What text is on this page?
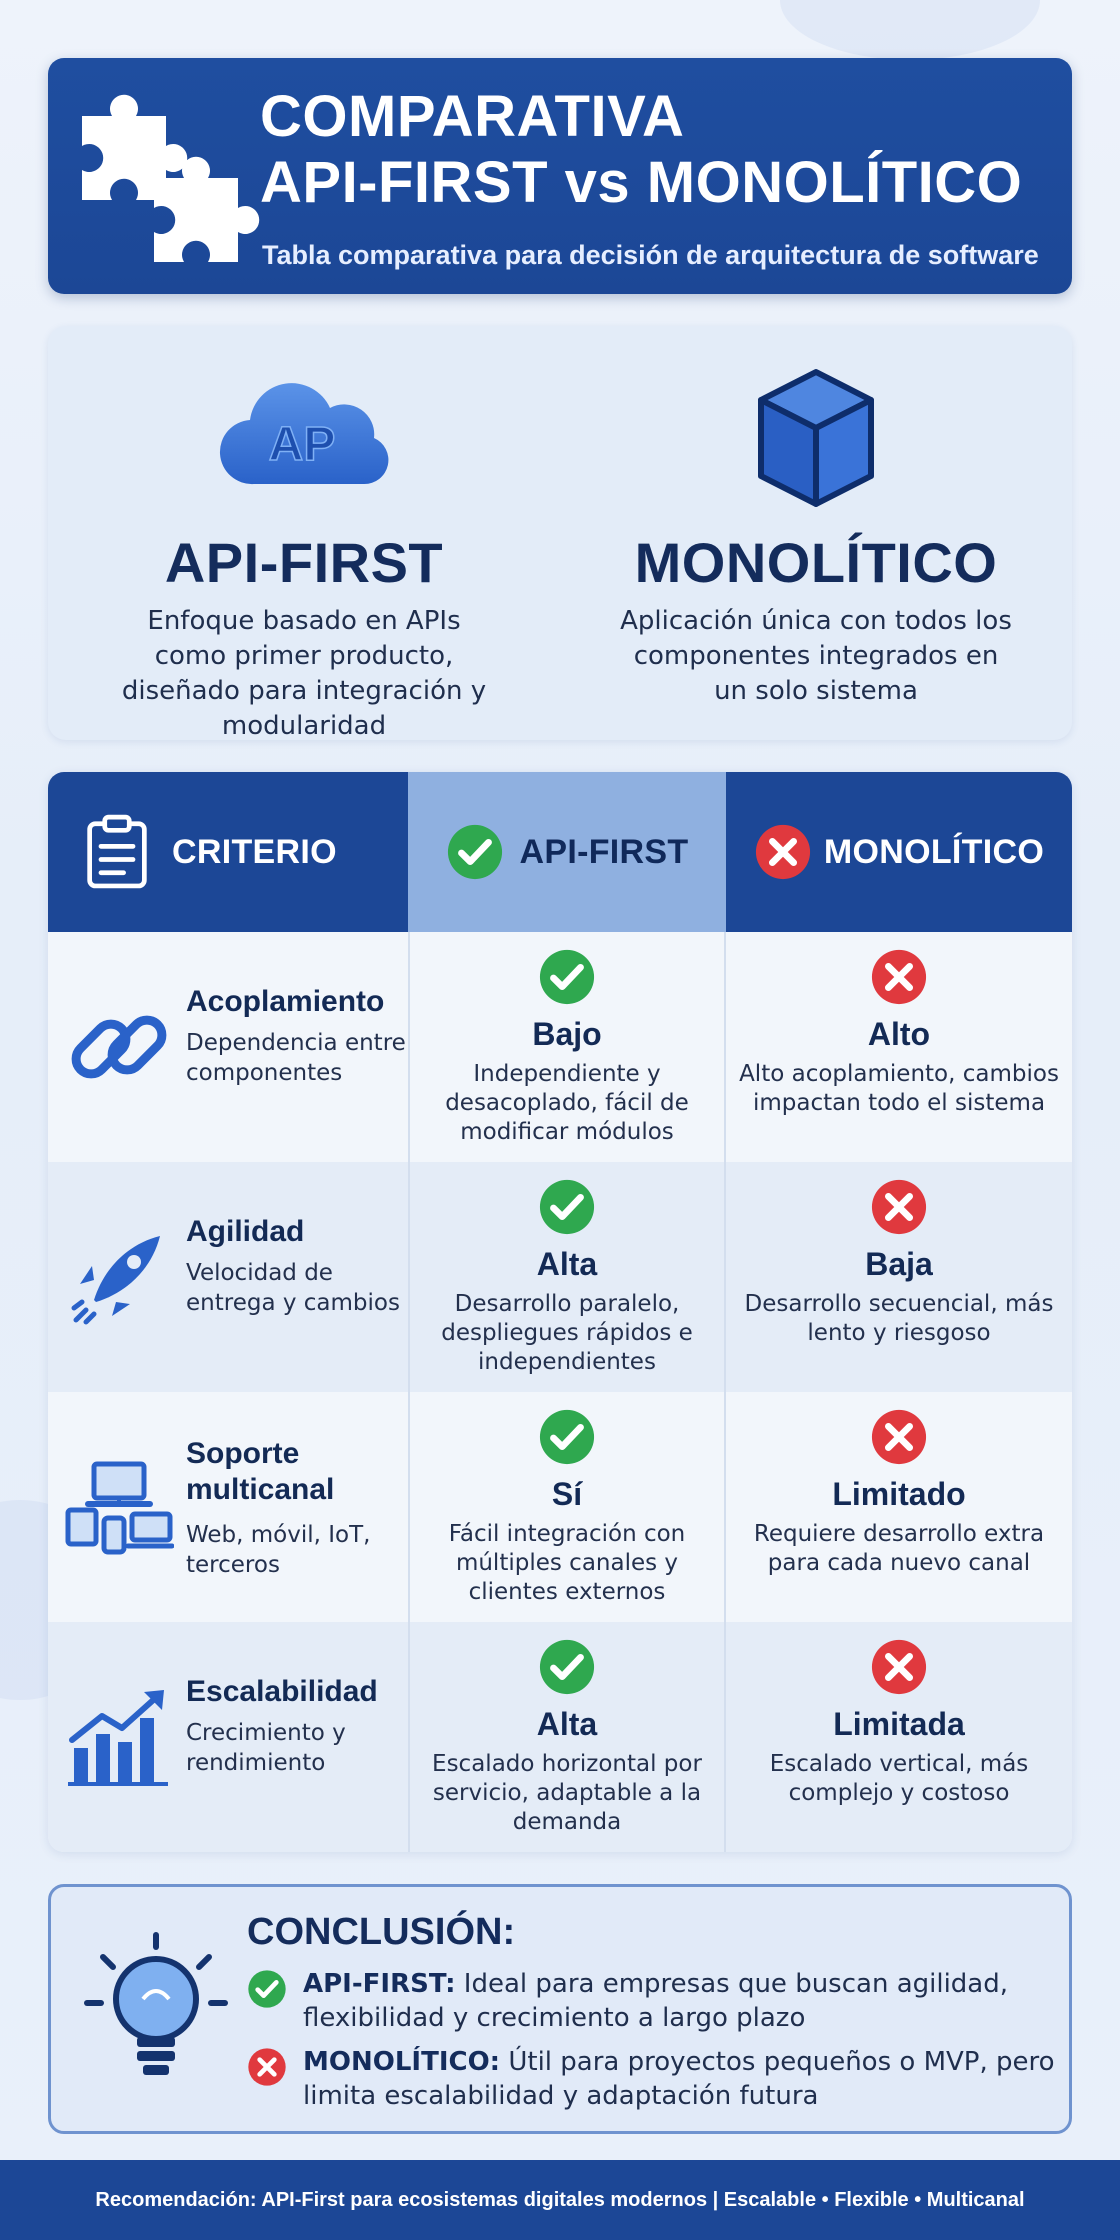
COMPARATIVA
API-FIRST vs MONOLÍTICO
Tabla comparativa para decisión de arquitectura de software
AP
API-FIRST
Enfoque basado en APIs como primer producto, diseñado para integración y modularidad
MONOLÍTICO
Aplicación única con todos los componentes integrados en un solo sistema
CRITERIO	API-FIRST	MONOLÍTICO
Acoplamiento
Dependencia entre componentes
Bajo
Independiente y desacoplado, fácil de modificar módulos
Alto
Alto acoplamiento, cambios impactan todo el sistema
Agilidad
Velocidad de entrega y cambios
Alta
Desarrollo paralelo, despliegues rápidos e independientes
Baja
Desarrollo secuencial, más lento y riesgoso
Soporte multicanal
Web, móvil, IoT, terceros
Sí
Fácil integración con múltiples canales y clientes externos
Limitado
Requiere desarrollo extra para cada nuevo canal
Escalabilidad
Crecimiento y rendimiento
Alta
Escalado horizontal por servicio, adaptable a la demanda
Limitada
Escalado vertical, más complejo y costoso
CONCLUSIÓN:
API-FIRST: Ideal para empresas que buscan agilidad, flexibilidad y crecimiento a largo plazo
MONOLÍTICO: Útil para proyectos pequeños o MVP, pero limita escalabilidad y adaptación futura
Recomendación: API-First para ecosistemas digitales modernos | Escalable • Flexible • Multicanal
